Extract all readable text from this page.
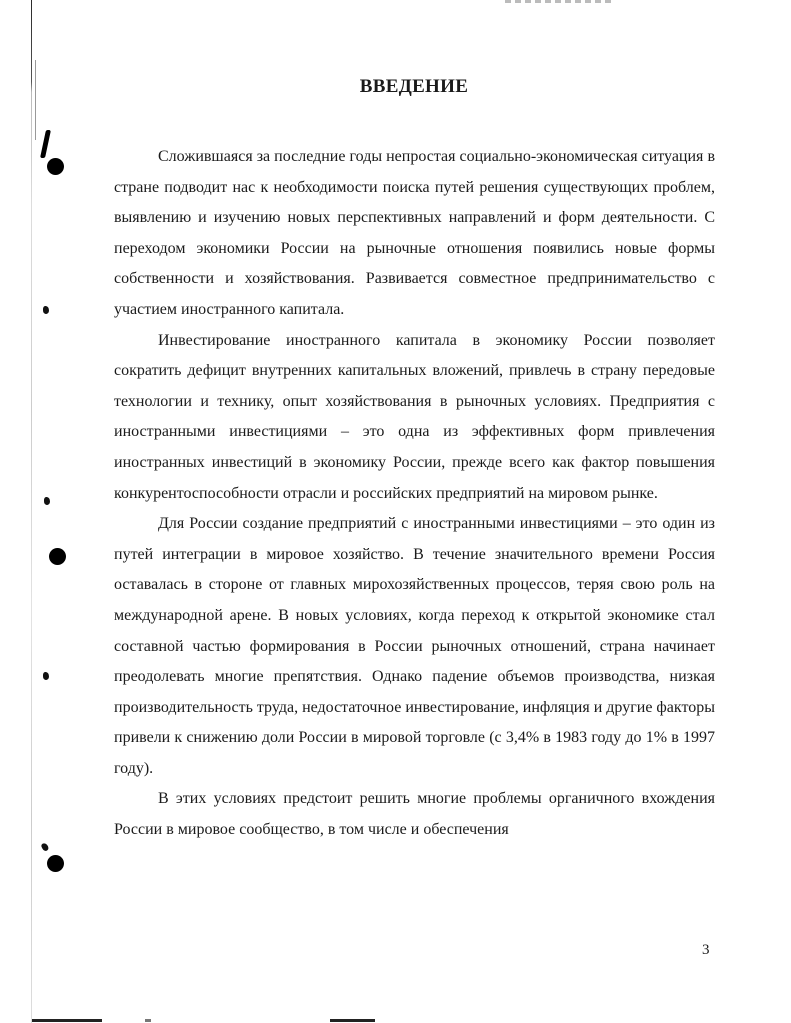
ВВЕДЕНИЕ

Сложившаяся за последние годы непростая социально-экономическая ситуация в стране подводит нас к необходимости поиска путей решения существующих проблем, выявлению и изучению новых перспективных направлений и форм деятельности. С переходом экономики России на рыночные отношения появились новые формы собственности и хозяйствования. Развивается совместное предпринимательство с участием иностранного капитала.

Инвестирование иностранного капитала в экономику России позволяет сократить дефицит внутренних капитальных вложений, привлечь в страну передовые технологии и технику, опыт хозяйствования в рыночных условиях. Предприятия с иностранными инвестициями – это одна из эффективных форм привлечения иностранных инвестиций в экономику России, прежде всего как фактор повышения конкурентоспособности отрасли и российских предприятий на мировом рынке.

Для России создание предприятий с иностранными инвестициями – это один из путей интеграции в мировое хозяйство. В течение значительного времени Россия оставалась в стороне от главных мирохозяйственных процессов, теряя свою роль на международной арене. В новых условиях, когда переход к открытой экономике стал составной частью формирования в России рыночных отношений, страна начинает преодолевать многие препятствия. Однако падение объемов производства, низкая производительность труда, недостаточное инвестирование, инфляция и другие факторы привели к снижению доли России в мировой торговле (с 3,4% в 1983 году до 1% в 1997 году).

В этих условиях предстоит решить многие проблемы органичного вхождения России в мировое сообщество, в том числе и обеспечения

3
